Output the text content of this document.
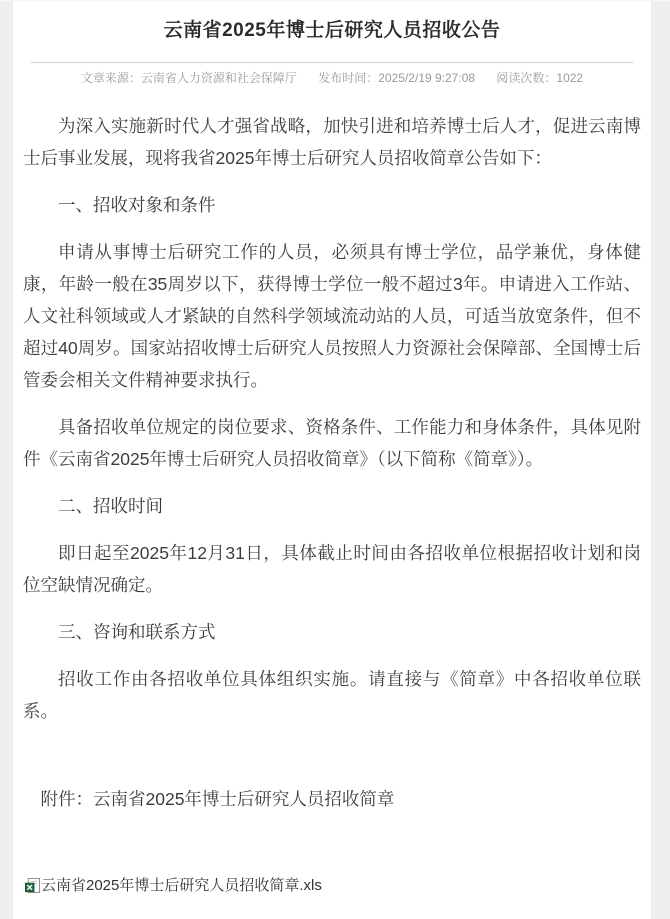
云南省2025年博士后研究人员招收公告
文章来源：云南省人力资源和社会保障厅 发布时间：2025/2/19 9:27:08 阅读次数：1022

为深入实施新时代人才强省战略，加快引进和培养博士后人才，促进云南博士后事业发展，现将我省2025年博士后研究人员招收简章公告如下：

一、招收对象和条件

申请从事博士后研究工作的人员，必须具有博士学位，品学兼优，身体健康，年龄一般在35周岁以下，获得博士学位一般不超过3年。申请进入工作站、人文社科领域或人才紧缺的自然科学领域流动站的人员，可适当放宽条件，但不超过40周岁。国家站招收博士后研究人员按照人力资源社会保障部、全国博士后管委会相关文件精神要求执行。

具备招收单位规定的岗位要求、资格条件、工作能力和身体条件，具体见附件《云南省2025年博士后研究人员招收简章》（以下简称《简章》）。

二、招收时间

即日起至2025年12月31日，具体截止时间由各招收单位根据招收计划和岗位空缺情况确定。

三、咨询和联系方式

招收工作由各招收单位具体组织实施。请直接与《简章》中各招收单位联系。

附件：云南省2025年博士后研究人员招收简章

云南省2025年博士后研究人员招收简章.xls
